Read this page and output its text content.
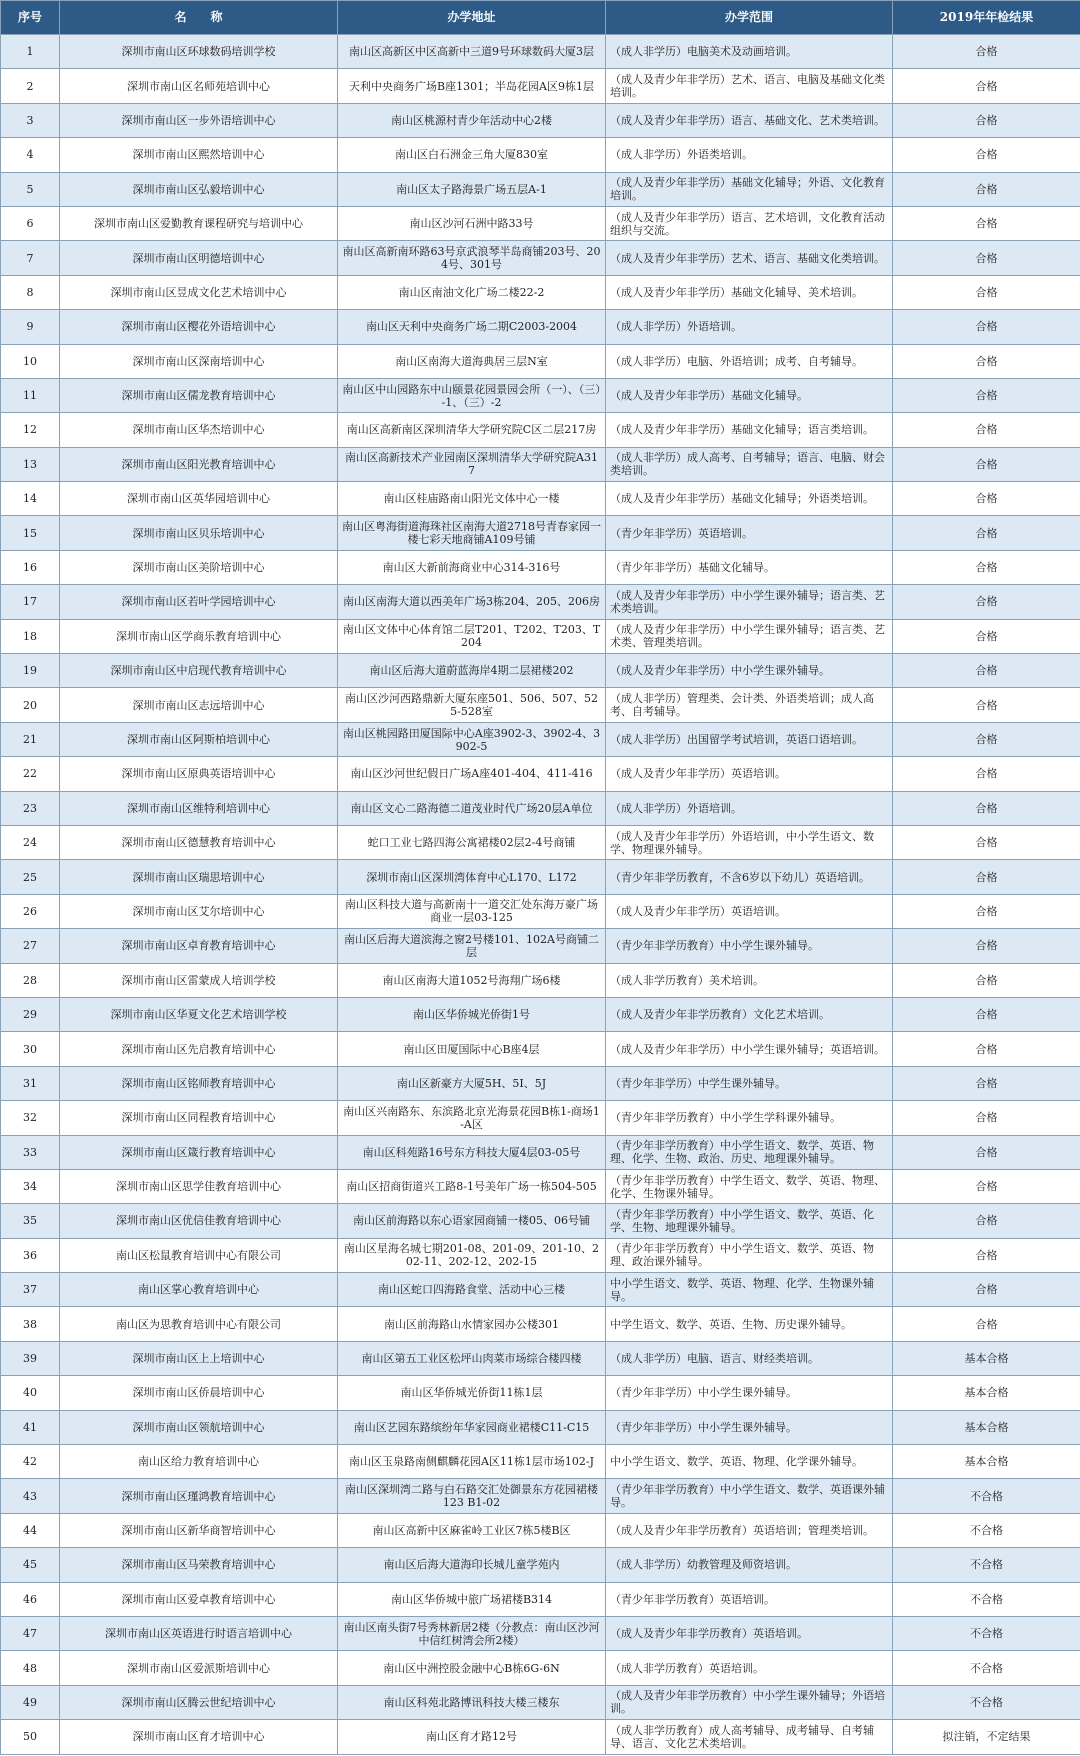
序号	名　　称	办学地址	办学范围	2019年年检结果
1	深圳市南山区环球数码培训学校	南山区高新区中区高新中三道9号环球数码大厦3层	（成人非学历）电脑美术及动画培训。	合格
2	深圳市南山区名师苑培训中心	天利中央商务广场B座1301；半岛花园A区9栋1层	（成人及青少年非学历）艺术、语言、电脑及基础文化类培训。	合格
3	深圳市南山区一步外语培训中心	南山区桃源村青少年活动中心2楼	（成人及青少年非学历）语言、基础文化、艺术类培训。	合格
4	深圳市南山区熙然培训中心	南山区白石洲金三角大厦830室	（成人非学历）外语类培训。	合格
5	深圳市南山区弘毅培训中心	南山区太子路海景广场五层A-1	（成人及青少年非学历）基础文化辅导；外语、文化教育培训。	合格
6	深圳市南山区爱勤教育课程研究与培训中心	南山区沙河石洲中路33号	（成人及青少年非学历）语言、艺术培训，文化教育活动组织与交流。	合格
7	深圳市南山区明德培训中心	南山区高新南环路63号京武浪琴半岛商铺203号、204号、301号	（成人及青少年非学历）艺术、语言、基础文化类培训。	合格
8	深圳市南山区昱成文化艺术培训中心	南山区南油文化广场二楼22-2	（成人及青少年非学历）基础文化辅导、美术培训。	合格
9	深圳市南山区樱花外语培训中心	南山区天利中央商务广场二期C2003-2004	（成人非学历）外语培训。	合格
10	深圳市南山区深南培训中心	南山区南海大道海典居三层N室	（成人非学历）电脑、外语培训；成考、自考辅导。	合格
11	深圳市南山区儒龙教育培训中心	南山区中山园路东中山颐景花园景园会所（一）、（三）-1、（三）-2	（成人及青少年非学历）基础文化辅导。	合格
12	深圳市南山区华杰培训中心	南山区高新南区深圳清华大学研究院C区二层217房	（成人及青少年非学历）基础文化辅导；语言类培训。	合格
13	深圳市南山区阳光教育培训中心	南山区高新技术产业园南区深圳清华大学研究院A317	（成人非学历）成人高考、自考辅导；语言、电脑、财会类培训。	合格
14	深圳市南山区英华园培训中心	南山区桂庙路南山阳光文体中心一楼	（成人及青少年非学历）基础文化辅导；外语类培训。	合格
15	深圳市南山区贝乐培训中心	南山区粤海街道海珠社区南海大道2718号青春家园一楼七彩天地商铺A109号铺	（青少年非学历）英语培训。	合格
16	深圳市南山区美阶培训中心	南山区大新前海商业中心314-316号	（青少年非学历）基础文化辅导。	合格
17	深圳市南山区若叶学园培训中心	南山区南海大道以西美年广场3栋204、205、206房	（成人及青少年非学历）中小学生课外辅导；语言类、艺术类培训。	合格
18	深圳市南山区学商乐教育培训中心	南山区文体中心体育馆二层T201、T202、T203、T204	（成人及青少年非学历）中小学生课外辅导；语言类、艺术类、管理类培训。	合格
19	深圳市南山区中启现代教育培训中心	南山区后海大道蔚蓝海岸4期二层裙楼202	（成人及青少年非学历）中小学生课外辅导。	合格
20	深圳市南山区志远培训中心	南山区沙河西路鼎新大厦东座501、506、507、525-528室	（成人非学历）管理类、会计类、外语类培训；成人高考、自考辅导。	合格
21	深圳市南山区阿斯柏培训中心	南山区桃园路田厦国际中心A座3902-3、3902-4、3902-5	（成人非学历）出国留学考试培训，英语口语培训。	合格
22	深圳市南山区原典英语培训中心	南山区沙河世纪假日广场A座401-404、411-416	（成人及青少年非学历）英语培训。	合格
23	深圳市南山区维特利培训中心	南山区文心二路海德二道茂业时代广场20层A单位	（成人非学历）外语培训。	合格
24	深圳市南山区德慧教育培训中心	蛇口工业七路四海公寓裙楼02层2-4号商铺	（成人及青少年非学历）外语培训，中小学生语文、数学、物理课外辅导。	合格
25	深圳市南山区瑞思培训中心	深圳市南山区深圳湾体育中心L170、L172	（青少年非学历教育，不含6岁以下幼儿）英语培训。	合格
26	深圳市南山区艾尔培训中心	南山区科技大道与高新南十一道交汇处东海万豪广场商业一层03-125	（成人及青少年非学历）英语培训。	合格
27	深圳市南山区卓育教育培训中心	南山区后海大道滨海之窗2号楼101、102A号商铺二层	（青少年非学历教育）中小学生课外辅导。	合格
28	深圳市南山区雷蒙成人培训学校	南山区南海大道1052号海翔广场6楼	（成人非学历教育）美术培训。	合格
29	深圳市南山区华夏文化艺术培训学校	南山区华侨城光侨街1号	（成人及青少年非学历教育）文化艺术培训。	合格
30	深圳市南山区先启教育培训中心	南山区田厦国际中心B座4层	（成人及青少年非学历）中小学生课外辅导；英语培训。	合格
31	深圳市南山区铭师教育培训中心	南山区新豪方大厦5H、5I、5J	（青少年非学历）中学生课外辅导。	合格
32	深圳市南山区同程教育培训中心	南山区兴南路东、东滨路北京光海景花园B栋1-商场1-A区	（青少年非学历教育）中小学生学科课外辅导。	合格
33	深圳市南山区箴行教育培训中心	南山区科苑路16号东方科技大厦4层03-05号	（青少年非学历教育）中小学生语文、数学、英语、物理、化学、生物、政治、历史、地理课外辅导。	合格
34	深圳市南山区思学佳教育培训中心	南山区招商街道兴工路8-1号美年广场一栋504-505	（青少年非学历教育）中学生语文、数学、英语、物理、化学、生物课外辅导。	合格
35	深圳市南山区优信佳教育培训中心	南山区前海路以东心语家园商铺一楼05、06号铺	（青少年非学历教育）中小学生语文、数学、英语、化学、生物、地理课外辅导。	合格
36	南山区松鼠教育培训中心有限公司	南山区星海名城七期201-08、201-09、201-10、202-11、202-12、202-15	（青少年非学历教育）中小学生语文、数学、英语、物理、政治课外辅导。	合格
37	南山区掌心教育培训中心	南山区蛇口四海路食堂、活动中心三楼	中小学生语文、数学、英语、物理、化学、生物课外辅导。	合格
38	南山区为思教育培训中心有限公司	南山区前海路山水情家园办公楼301	中学生语文、数学、英语、生物、历史课外辅导。	合格
39	深圳市南山区上上培训中心	南山区第五工业区松坪山肉菜市场综合楼四楼	（成人非学历）电脑、语言、财经类培训。	基本合格
40	深圳市南山区侨晨培训中心	南山区华侨城光侨街11栋1层	（青少年非学历）中小学生课外辅导。	基本合格
41	深圳市南山区领航培训中心	南山区艺园东路缤纷年华家园商业裙楼C11-C15	（青少年非学历）中小学生课外辅导。	基本合格
42	南山区给力教育培训中心	南山区玉泉路南侧麒麟花园A区11栋1层市场102-J	中小学生语文、数学、英语、物理、化学课外辅导。	基本合格
43	深圳市南山区瑾鸿教育培训中心	南山区深圳湾二路与白石路交汇处御景东方花园裙楼123 B1-02	（青少年非学历教育）中小学生语文、数学、英语课外辅导。	不合格
44	深圳市南山区新华商智培训中心	南山区高新中区麻雀岭工业区7栋5楼B区	（成人及青少年非学历教育）英语培训；管理类培训。	不合格
45	深圳市南山区马荣教育培训中心	南山区后海大道海印长城儿童学苑内	（成人非学历）幼教管理及师资培训。	不合格
46	深圳市南山区爱卓教育培训中心	南山区华侨城中旅广场裙楼B314	（青少年非学历教育）英语培训。	不合格
47	深圳市南山区英语进行时语言培训中心	南山区南头街7号秀林新居2楼（分教点：南山区沙河中信红树湾会所2楼）	（成人及青少年非学历教育）英语培训。	不合格
48	深圳市南山区爱派斯培训中心	南山区中洲控股金融中心B栋6G-6N	（成人非学历教育）英语培训。	不合格
49	深圳市南山区腾云世纪培训中心	南山区科苑北路博讯科技大楼三楼东	（成人及青少年非学历教育）中小学生课外辅导；外语培训。	不合格
50	深圳市南山区育才培训中心	南山区育才路12号	（成人非学历教育）成人高考辅导、成考辅导、自考辅导、语言、文化艺术类培训。	拟注销，不定结果
